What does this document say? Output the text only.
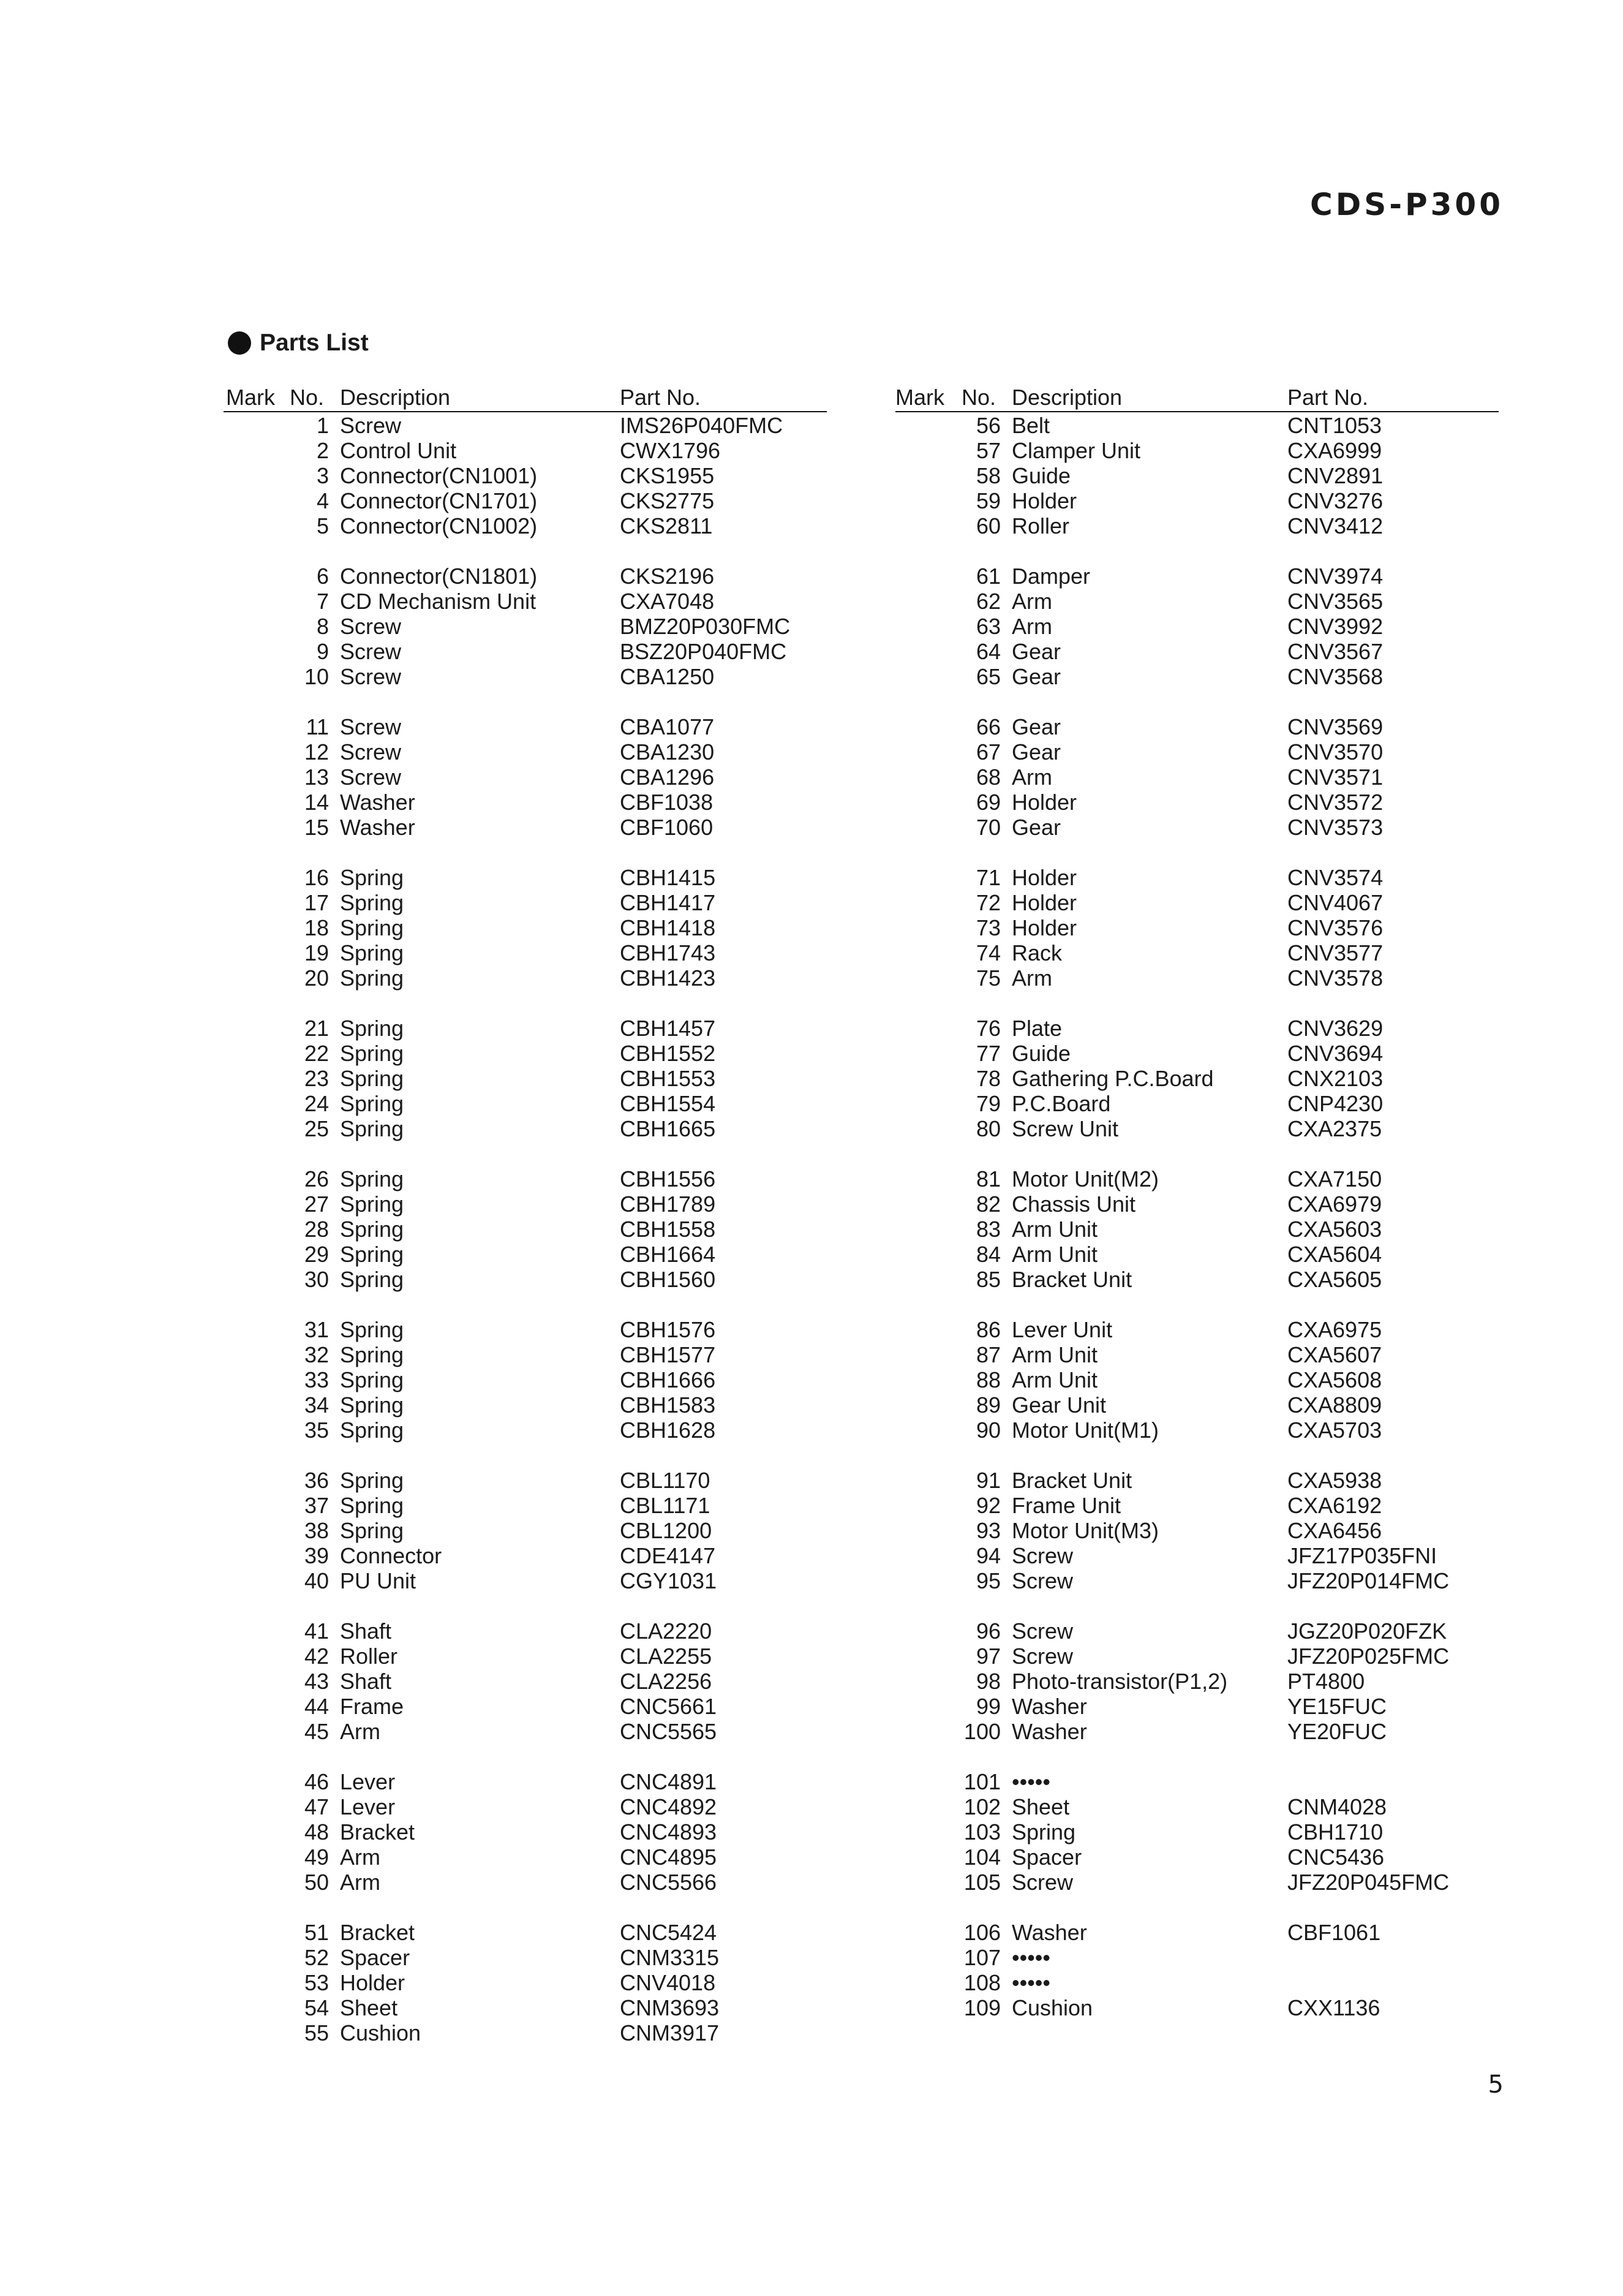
CDS-P300
Parts List
Mark No. Description	Part No.
1 Screw	IMS26P040FMC
2 Control Unit	CWX1796
3 Connector(CN1001)	CKS1955
4 Connector(CN1701)	CKS2775
5 Connector(CN1002)	CKS2811
6 Connector(CN1801)	CKS2196
7 CD Mechanism Unit	CXA7048
8 Screw	BMZ20P030FMC
9 Screw	BSZ20P040FMC
10 Screw	CBA1250
11 Screw	CBA1077
12 Screw	CBA1230
13 Screw	CBA1296
14 Washer	CBF1038
15 Washer	CBF1060
16 Spring	CBH1415
17 Spring	CBH1417
18 Spring	CBH1418
19 Spring	CBH1743
20 Spring	CBH1423
21 Spring	CBH1457
22 Spring	CBH1552
23 Spring	CBH1553
24 Spring	CBH1554
25 Spring	CBH1665
26 Spring	CBH1556
27 Spring	CBH1789
28 Spring	CBH1558
29 Spring	CBH1664
30 Spring	CBH1560
31 Spring	CBH1576
32 Spring	CBH1577
33 Spring	CBH1666
34 Spring	CBH1583
35 Spring	CBH1628
36 Spring	CBL1170
37 Spring	CBL1171
38 Spring	CBL1200
39 Connector	CDE4147
40 PU Unit	CGY1031
41 Shaft	CLA2220
42 Roller	CLA2255
43 Shaft	CLA2256
44 Frame	CNC5661
45 Arm	CNC5565
46 Lever	CNC4891
47 Lever	CNC4892
48 Bracket	CNC4893
49 Arm	CNC4895
50 Arm	CNC5566
51 Bracket	CNC5424
52 Spacer	CNM3315
53 Holder	CNV4018
54 Sheet	CNM3693
55 Cushion	CNM3917
Mark No. Description	Part No.
56 Belt	CNT1053
57 Clamper Unit	CXA6999
58 Guide	CNV2891
59 Holder	CNV3276
60 Roller	CNV3412
61 Damper	CNV3974
62 Arm	CNV3565
63 Arm	CNV3992
64 Gear	CNV3567
65 Gear	CNV3568
66 Gear	CNV3569
67 Gear	CNV3570
68 Arm	CNV3571
69 Holder	CNV3572
70 Gear	CNV3573
71 Holder	CNV3574
72 Holder	CNV4067
73 Holder	CNV3576
74 Rack	CNV3577
75 Arm	CNV3578
76 Plate	CNV3629
77 Guide	CNV3694
78 Gathering P.C.Board	CNX2103
79 P.C.Board	CNP4230
80 Screw Unit	CXA2375
81 Motor Unit(M2)	CXA7150
82 Chassis Unit	CXA6979
83 Arm Unit	CXA5603
84 Arm Unit	CXA5604
85 Bracket Unit	CXA5605
86 Lever Unit	CXA6975
87 Arm Unit	CXA5607
88 Arm Unit	CXA5608
89 Gear Unit	CXA8809
90 Motor Unit(M1)	CXA5703
91 Bracket Unit	CXA5938
92 Frame Unit	CXA6192
93 Motor Unit(M3)	CXA6456
94 Screw	JFZ17P035FNI
95 Screw	JFZ20P014FMC
96 Screw	JGZ20P020FZK
97 Screw	JFZ20P025FMC
98 Photo-transistor(P1,2)	PT4800
99 Washer	YE15FUC
100 Washer	YE20FUC
101 •••••
102 Sheet	CNM4028
103 Spring	CBH1710
104 Spacer	CNC5436
105 Screw	JFZ20P045FMC
106 Washer	CBF1061
107 •••••
108 •••••
109 Cushion	CXX1136
5
